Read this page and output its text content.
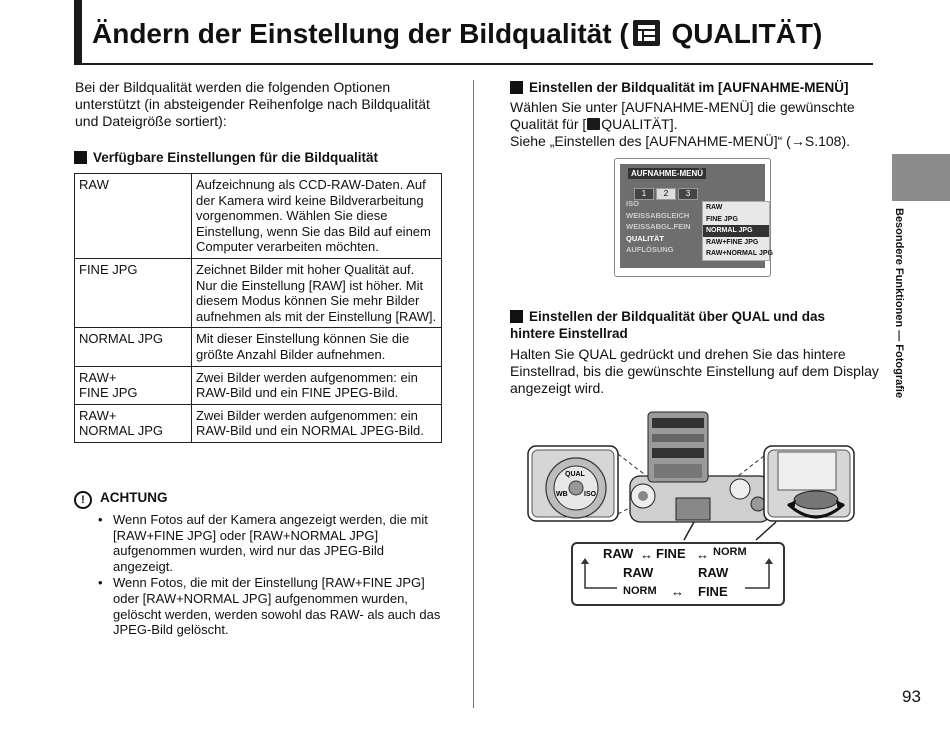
Ändern der Einstellung der Bildqualität (
QUALITÄT)

Bei der Bildqualität werden die folgenden Optionen unterstützt (in absteigender Reihenfolge nach Bildqualität und Dateigröße sortiert):

Verfügbare Einstellungen für die Bildqualität
RAW	Aufzeichnung als CCD-RAW-Daten. Auf der Kamera wird keine Bildverarbeitung vorgenommen. Wählen Sie diese Einstellung, wenn Sie das Bild auf einem Computer verarbeiten möchten.
FINE JPG	Zeichnet Bilder mit hoher Qualität auf. Nur die Einstellung [RAW] ist höher. Mit diesem Modus können Sie mehr Bilder aufnehmen als mit der Einstellung [RAW].
NORMAL JPG	Mit dieser Einstellung können Sie die größte Anzahl Bilder aufnehmen.
RAW+
FINE JPG	Zwei Bilder werden aufgenommen: ein RAW-Bild und ein FINE JPEG-Bild.
RAW+
NORMAL JPG	Zwei Bilder werden aufgenommen: ein RAW-Bild und ein NORMAL JPEG-Bild.
! ACHTUNG
• Wenn Fotos auf der Kamera angezeigt werden, die mit [RAW+FINE JPG] oder [RAW+NORMAL JPG] aufgenommen wurden, wird nur das JPEG-Bild angezeigt.
• Wenn Fotos, die mit der Einstellung [RAW+FINE JPG] oder [RAW+NORMAL JPG] aufgenommen wurden, gelöscht werden, werden sowohl das RAW- als auch das JPEG-Bild gelöscht.
Einstellen der Bildqualität im [AUFNAHME-MENÜ]

Wählen Sie unter [AUFNAHME-MENÜ] die gewünschte Qualität für [ QUALITÄT].
Siehe „Einstellen des [AUFNAHME-MENÜ]“ (→S.108).

AUFNAHME-MENÜ
1 2 3
ISO
WEISSABGLEICH
WEISSABGL.FEIN
QUALITÄT
AUFLÖSUNG
RAW
FINE JPG
NORMAL JPG
RAW+FINE JPG
RAW+NORMAL JPG
Einstellen der Bildqualität über QUAL und das hintere Einstellrad

Halten Sie QUAL gedrückt und drehen Sie das hintere Einstellrad, bis die gewünschte Einstellung auf dem Display angezeigt wird.

QUAL
WB ISO
RAW FINE NORM
↔	↔
RAW	RAW
NORM ↔ FINE
Besondere Funktionen — Fotografie

93
